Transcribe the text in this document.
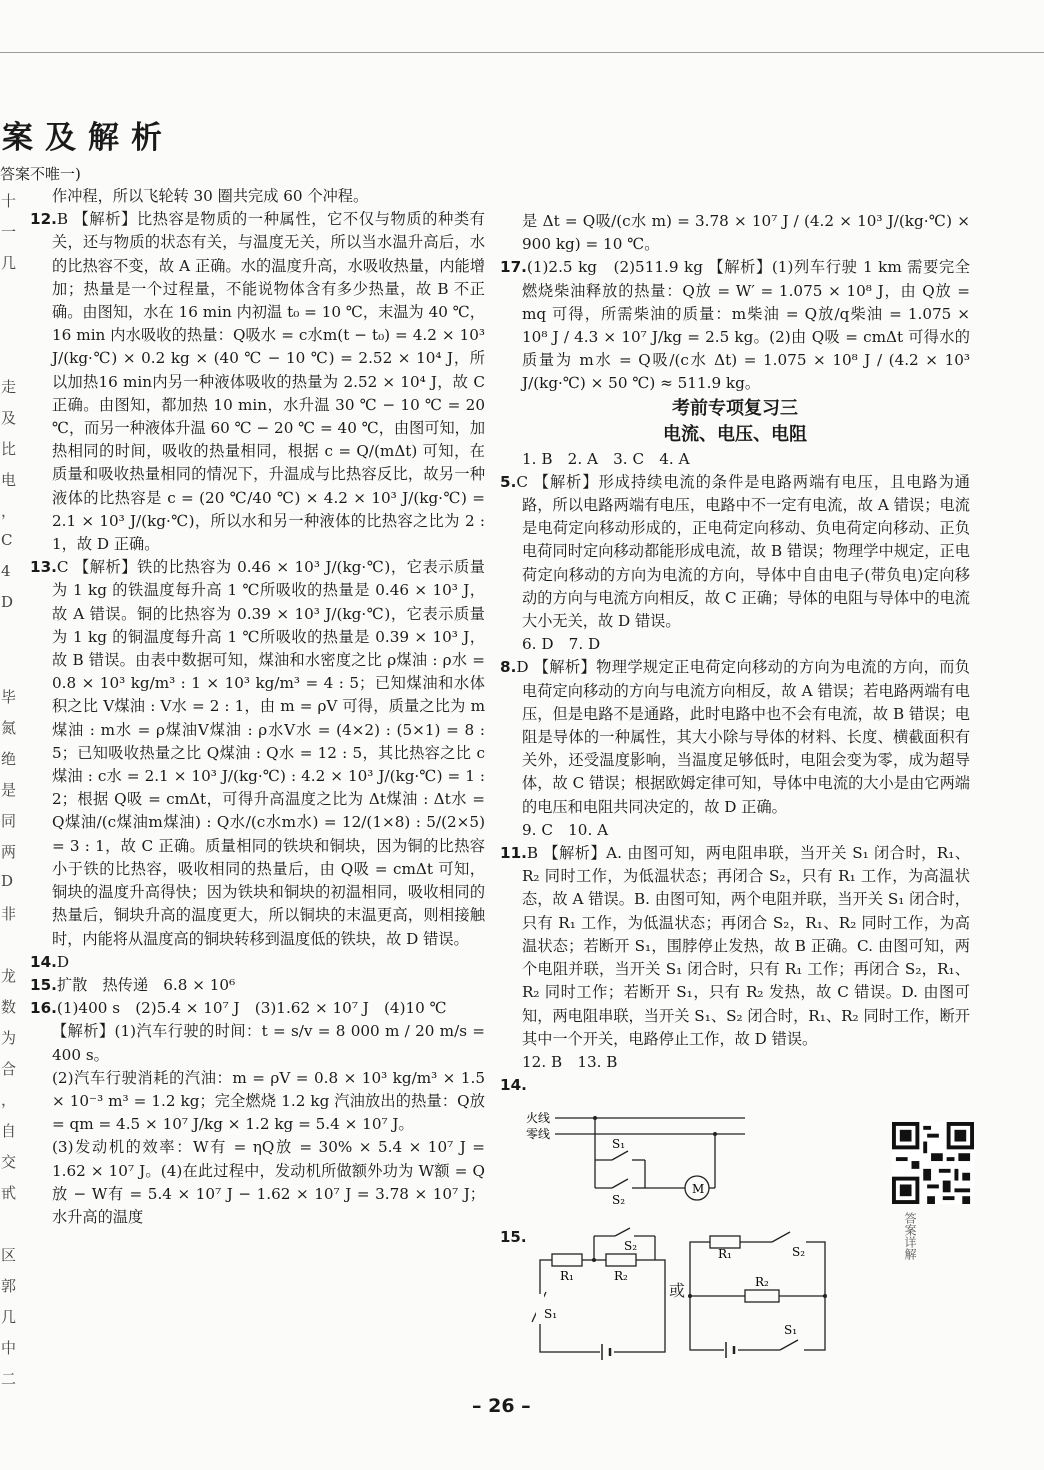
案及解析
答案不唯一)
十
一
几
走
及
比
电
，
C
4
D
毕
氮
绝
是
同
两
D
非
龙
数
为
合
，
自
交
甙
区
郭
几
中
二

作冲程，所以飞轮转 30 圈共完成 60 个冲程。

12.B 【解析】比热容是物质的一种属性，它不仅与物质的种类有关，还与物质的状态有关，与温度无关，所以当水温升高后，水的比热容不变，故 A 正确。水的温度升高，水吸收热量，内能增加；热量是一个过程量，不能说物体含有多少热量，故 B 不正确。由图知，水在 16 min 内初温 t₀ = 10 ℃，末温为 40 ℃，16 min 内水吸收的热量：Q吸水 = c水m(t − t₀) = 4.2 × 10³ J/(kg·℃) × 0.2 kg × (40 ℃ − 10 ℃) = 2.52 × 10⁴ J，所以加热16 min内另一种液体吸收的热量为 2.52 × 10⁴ J，故 C 正确。由图知，都加热 10 min，水升温 30 ℃ − 10 ℃ = 20 ℃，而另一种液体升温 60 ℃ − 20 ℃ = 40 ℃，由图可知，加热相同的时间，吸收的热量相同，根据 c = Q/(mΔt) 可知，在质量和吸收热量相同的情况下，升温成与比热容反比，故另一种液体的比热容是 c = (20 ℃/40 ℃) × 4.2 × 10³ J/(kg·℃) = 2.1 × 10³ J/(kg·℃)，所以水和另一种液体的比热容之比为 2 : 1，故 D 正确。

13.C 【解析】铁的比热容为 0.46 × 10³ J/(kg·℃)，它表示质量为 1 kg 的铁温度每升高 1 ℃所吸收的热量是 0.46 × 10³ J，故 A 错误。铜的比热容为 0.39 × 10³ J/(kg·℃)，它表示质量为 1 kg 的铜温度每升高 1 ℃所吸收的热量是 0.39 × 10³ J，故 B 错误。由表中数据可知，煤油和水密度之比 ρ煤油 : ρ水 = 0.8 × 10³ kg/m³ : 1 × 10³ kg/m³ = 4 : 5；已知煤油和水体积之比 V煤油 : V水 = 2 : 1，由 m = ρV 可得，质量之比为 m煤油 : m水 = ρ煤油V煤油 : ρ水V水 = (4×2) : (5×1) = 8 : 5；已知吸收热量之比 Q煤油 : Q水 = 12 : 5，其比热容之比 c煤油 : c水 = 2.1 × 10³ J/(kg·℃) : 4.2 × 10³ J/(kg·℃) = 1 : 2；根据 Q吸 = cmΔt，可得升高温度之比为 Δt煤油 : Δt水 = Q煤油/(c煤油m煤油) : Q水/(c水m水) = 12/(1×8) : 5/(2×5) = 3 : 1，故 C 正确。质量相同的铁块和铜块，因为铜的比热容小于铁的比热容，吸收相同的热量后，由 Q吸 = cmΔt 可知，铜块的温度升高得快；因为铁块和铜块的初温相同，吸收相同的热量后，铜块升高的温度更大，所以铜块的末温更高，则相接触时，内能将从温度高的铜块转移到温度低的铁块，故 D 错误。

14.D

15.扩散　热传递　6.8 × 10⁶

16.(1)400 s　(2)5.4 × 10⁷ J　(3)1.62 × 10⁷ J　(4)10 ℃

【解析】(1)汽车行驶的时间：t = s/v = 8 000 m / 20 m/s = 400 s。

(2)汽车行驶消耗的汽油：m = ρV = 0.8 × 10³ kg/m³ × 1.5 × 10⁻³ m³ = 1.2 kg；完全燃烧 1.2 kg 汽油放出的热量：Q放 = qm = 4.5 × 10⁷ J/kg × 1.2 kg = 5.4 × 10⁷ J。

(3)发动机的效率：W有 = ηQ放 = 30% × 5.4 × 10⁷ J = 1.62 × 10⁷ J。(4)在此过程中，发动机所做额外功为 W额 = Q放 − W有 = 5.4 × 10⁷ J − 1.62 × 10⁷ J = 3.78 × 10⁷ J；水升高的温度

是 Δt = Q吸/(c水 m) = 3.78 × 10⁷ J / (4.2 × 10³ J/(kg·℃) × 900 kg) = 10 ℃。

17.(1)2.5 kg　(2)511.9 kg 【解析】(1)列车行驶 1 km 需要完全燃烧柴油释放的热量：Q放 = W′ = 1.075 × 10⁸ J，由 Q放 = mq 可得，所需柴油的质量：m柴油 = Q放/q柴油 = 1.075 × 10⁸ J / 4.3 × 10⁷ J/kg = 2.5 kg。(2)由 Q吸 = cmΔt 可得水的质量为 m水 = Q吸/(c水 Δt) = 1.075 × 10⁸ J / (4.2 × 10³ J/(kg·℃) × 50 ℃) ≈ 511.9 kg。

考前专项复习三
电流、电压、电阻

1. B　2. A　3. C　4. A

5.C 【解析】形成持续电流的条件是电路两端有电压，且电路为通路，所以电路两端有电压，电路中不一定有电流，故 A 错误；电流是电荷定向移动形成的，正电荷定向移动、负电荷定向移动、正负电荷同时定向移动都能形成电流，故 B 错误；物理学中规定，正电荷定向移动的方向为电流的方向，导体中自由电子(带负电)定向移动的方向与电流方向相反，故 C 正确；导体的电阻与导体中的电流大小无关，故 D 错误。

6. D　7. D

8.D 【解析】物理学规定正电荷定向移动的方向为电流的方向，而负电荷定向移动的方向与电流方向相反，故 A 错误；若电路两端有电压，但是电路不是通路，此时电路中也不会有电流，故 B 错误；电阻是导体的一种属性，其大小除与导体的材料、长度、横截面积有关外，还受温度影响，当温度足够低时，电阻会变为零，成为超导体，故 C 错误；根据欧姆定律可知，导体中电流的大小是由它两端的电压和电阻共同决定的，故 D 正确。

9. C　10. A

11.B 【解析】A. 由图可知，两电阻串联，当开关 S₁ 闭合时，R₁、R₂ 同时工作，为低温状态；再闭合 S₂，只有 R₁ 工作，为高温状态，故 A 错误。B. 由图可知，两个电阻并联，当开关 S₁ 闭合时，只有 R₁ 工作，为低温状态；再闭合 S₂，R₁、R₂ 同时工作，为高温状态；若断开 S₁，围脖停止发热，故 B 正确。C. 由图可知，两个电阻并联，当开关 S₁ 闭合时，只有 R₁ 工作；再闭合 S₂，R₁、R₂ 同时工作；若断开 S₁，只有 R₂ 发热，故 C 错误。D. 由图可知，两电阻串联，当开关 S₁、S₂ 闭合时，R₁、R₂ 同时工作，断开其中一个开关，电路停止工作，故 D 错误。

12. B　13. B

14.

火线
零线
S₁
S₂
M
答案详解
15.
R₁	R₂
S₂
S₁
或
R₁	S₂
R₂
S₁
– 26 –
